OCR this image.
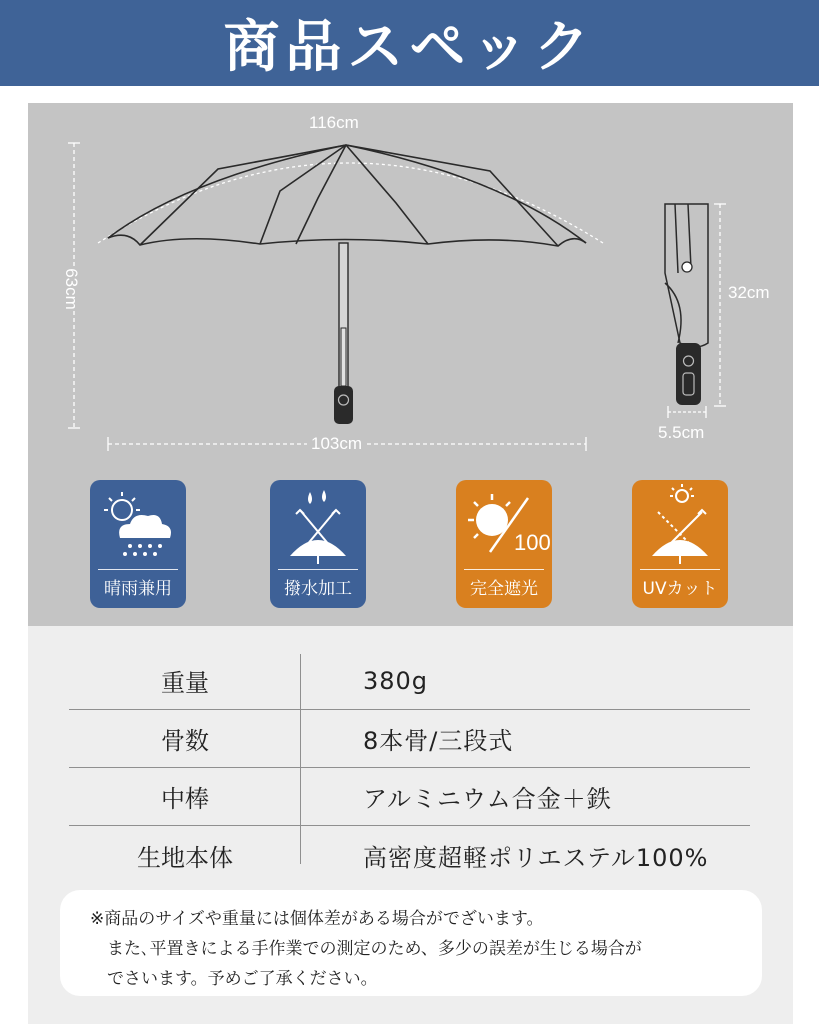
商品スペック
116cm
63cm
103cm
32cm
5.5cm
晴雨兼用	撥水加工
100
完全遮光	UVカット
重量	380g
骨数	8本骨/三段式
中棒	アルミニウム合金＋鉄
生地本体	高密度超軽ポリエステル100%

※商品のサイズや重量には個体差がある場合がでざいます。

また､平置きによる手作業での測定のため、多少の誤差が生じる場合が

でさいます。予めご了承ください。
